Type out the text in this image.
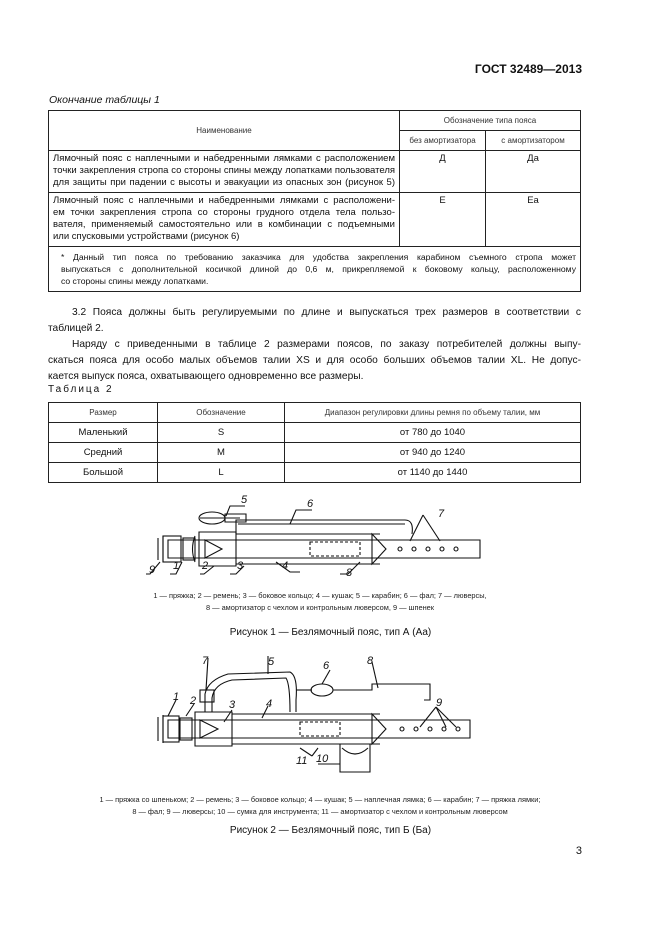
ГОСТ 32489—2013
Окончание таблицы 1
Наименование	Обозначение типа пояса	
	без амортизатора	с амортизатором

Лямочный пояс с наплечными и набедренными лямками с расположением
точки закрепления стропа со стороны спины между лопатками пользователя
для защиты при падении с высоты и эвакуации из опасных зон (рисунок 5)	Д	Да

Лямочный пояс с наплечными и набедренными лямками с расположени-
ем точки закрепления стропа со стороны грудного отдела тела пользо-
вателя, применяемый самостоятельно или в комбинации с подъемными
или спусковыми устройствами (рисунок 6)	Е	Еа

* Данный тип пояса по требованию заказчика для удобства закрепления карабином съемного стропа может
выпускаться с дополнительной косичкой длиной до 0,6 м, прикрепляемой к боковому кольцу, расположенному
со стороны спины между лопатками.		
3.2 Пояса должны быть регулируемыми по длине и выпускаться трех размеров в соответствии с
таблицей 2.
Наряду с приведенными в таблице 2 размерами поясов, по заказу потребителей должны выпу-
скаться пояса для особо малых объемов талии XS и для особо больших объемов талии XL. Не допус-
кается выпуск пояса, охватывающего одновременно все размеры.
Таблица 2
Размер	Обозначение	Диапазон регулировки длины ремня по объему талии, мм
Маленький	S	от 780 до 1040
Средний	M	от 940 до 1240
Большой	L	от 1140 до 1440
5	6
7
9 1 2	3	4
8
1 2	3	4
5	6
7	8
9
10
11
1 — пряжка; 2 — ремень; 3 — боковое кольцо; 4 — кушак; 5 — карабин; 6 — фал; 7 — люверсы,
8 — амортизатор с чехлом и контрольным люверсом, 9 — шпенек
Рисунок 1 — Безлямочный пояс, тип А (Аа)
1 — пряжка со шпеньком; 2 — ремень; 3 — боковое кольцо; 4 — кушак; 5 — наплечная лямка; 6 — карабин; 7 — пряжка лямки;
8 — фал; 9 — люверсы; 10 — сумка для инструмента; 11 — амортизатор с чехлом и контрольным люверсом
Рисунок 2 — Безлямочный пояс, тип Б (Ба)
3
